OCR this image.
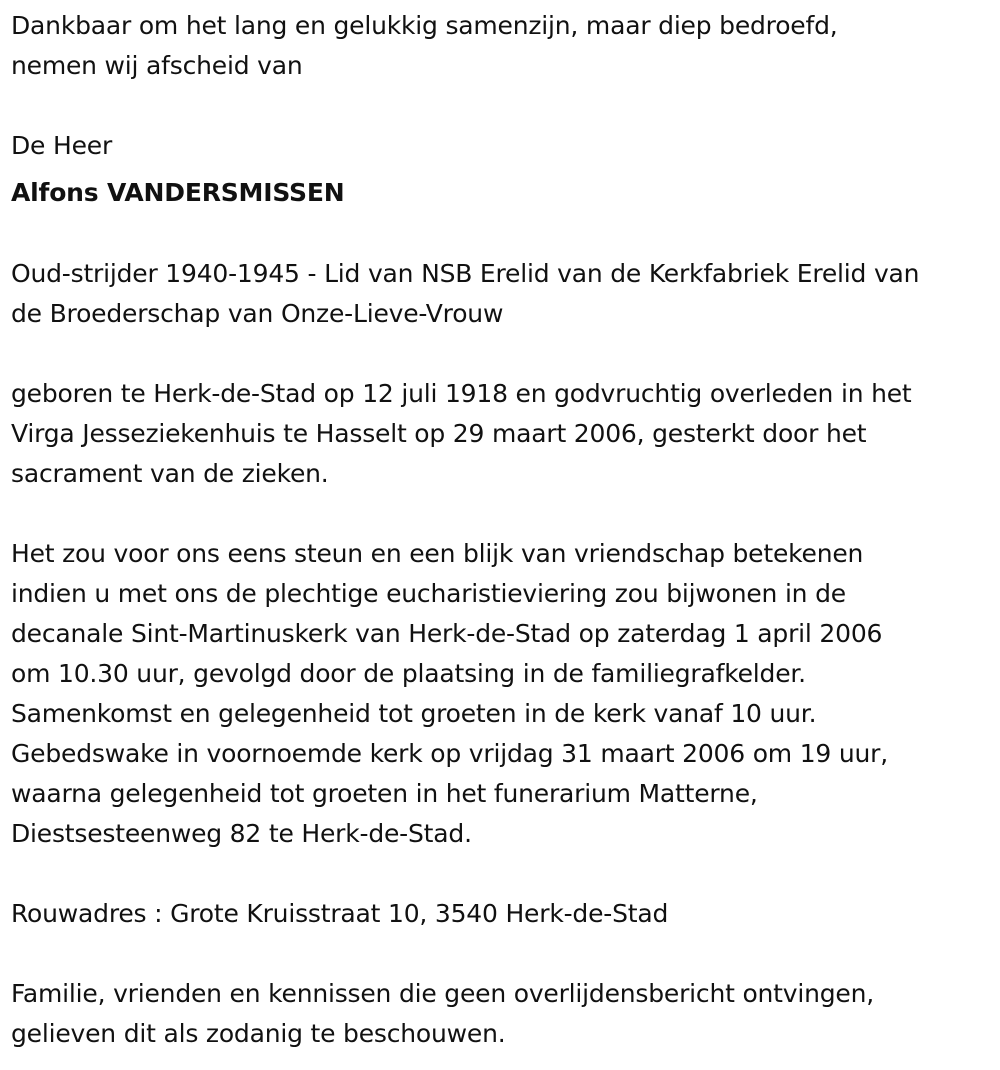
Dankbaar om het lang en gelukkig samenzijn, maar diep bedroefd,
nemen wij afscheid van
De Heer
Alfons VANDERSMISSEN
Oud-strijder 1940-1945 - Lid van NSB Erelid van de Kerkfabriek Erelid van
de Broederschap van Onze-Lieve-Vrouw
geboren te Herk-de-Stad op 12 juli 1918 en godvruchtig overleden in het
Virga Jesseziekenhuis te Hasselt op 29 maart 2006, gesterkt door het
sacrament van de zieken.
Het zou voor ons eens steun en een blijk van vriendschap betekenen
indien u met ons de plechtige eucharistieviering zou bijwonen in de
decanale Sint-Martinuskerk van Herk-de-Stad op zaterdag 1 april 2006
om 10.30 uur, gevolgd door de plaatsing in de familiegrafkelder.
Samenkomst en gelegenheid tot groeten in de kerk vanaf 10 uur.
Gebedswake in voornoemde kerk op vrijdag 31 maart 2006 om 19 uur,
waarna gelegenheid tot groeten in het funerarium Matterne,
Diestsesteenweg 82 te Herk-de-Stad.
Rouwadres : Grote Kruisstraat 10, 3540 Herk-de-Stad
Familie, vrienden en kennissen die geen overlijdensbericht ontvingen,
gelieven dit als zodanig te beschouwen.
